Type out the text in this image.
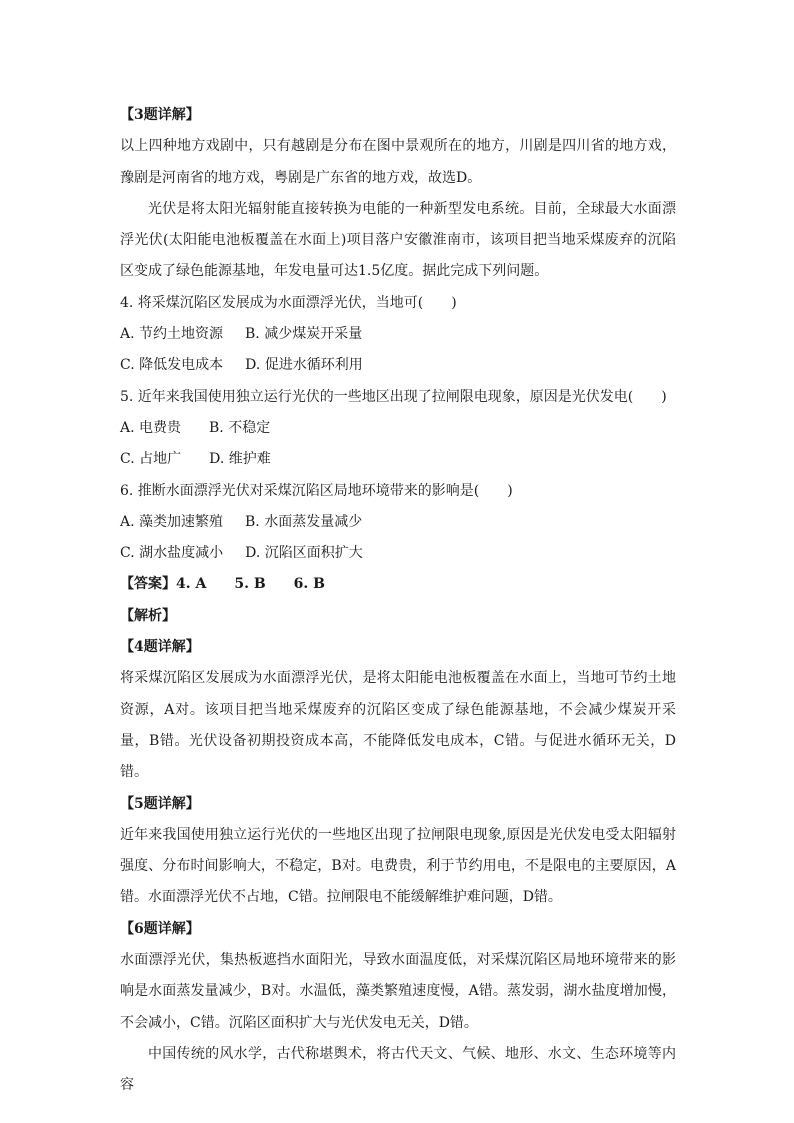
【3题详解】
以上四种地方戏剧中，只有越剧是分布在图中景观所在的地方，川剧是四川省的地方戏，豫剧是河南省的地方戏，粤剧是广东省的地方戏，故选D。
光伏是将太阳光辐射能直接转换为电能的一种新型发电系统。目前，全球最大水面漂浮光伏(太阳能电池板覆盖在水面上)项目落户安徽淮南市，该项目把当地采煤废弃的沉陷区变成了绿色能源基地，年发电量可达1.5亿度。据此完成下列问题。
4. 将采煤沉陷区发展成为水面漂浮光伏，当地可(　　)
A. 节约土地资源 B. 减少煤炭开采量
C. 降低发电成本 D. 促进水循环利用
5. 近年来我国使用独立运行光伏的一些地区出现了拉闸限电现象，原因是光伏发电(　　)
A. 电费贵 B. 不稳定
C. 占地广 D. 维护难
6. 推断水面漂浮光伏对采煤沉陷区局地环境带来的影响是(　　)
A. 藻类加速繁殖 B. 水面蒸发量减少
C. 湖水盐度减小 D. 沉陷区面积扩大
【答案】4. A　　5. B　　6. B
【解析】
【4题详解】
将采煤沉陷区发展成为水面漂浮光伏，是将太阳能电池板覆盖在水面上，当地可节约土地资源，A对。该项目把当地采煤废弃的沉陷区变成了绿色能源基地，不会减少煤炭开采量，B错。光伏设备初期投资成本高，不能降低发电成本，C错。与促进水循环无关，D错。
【5题详解】
近年来我国使用独立运行光伏的一些地区出现了拉闸限电现象,原因是光伏发电受太阳辐射强度、分布时间影响大，不稳定，B对。电费贵，利于节约用电，不是限电的主要原因，A错。水面漂浮光伏不占地，C错。拉闸限电不能缓解维护难问题，D错。
【6题详解】
水面漂浮光伏，集热板遮挡水面阳光，导致水面温度低，对采煤沉陷区局地环境带来的影响是水面蒸发量减少，B对。水温低，藻类繁殖速度慢，A错。蒸发弱，湖水盐度增加慢，不会减小，C错。沉陷区面积扩大与光伏发电无关，D错。
中国传统的风水学，古代称堪舆术，将古代天文、气候、地形、水文、生态环境等内容
